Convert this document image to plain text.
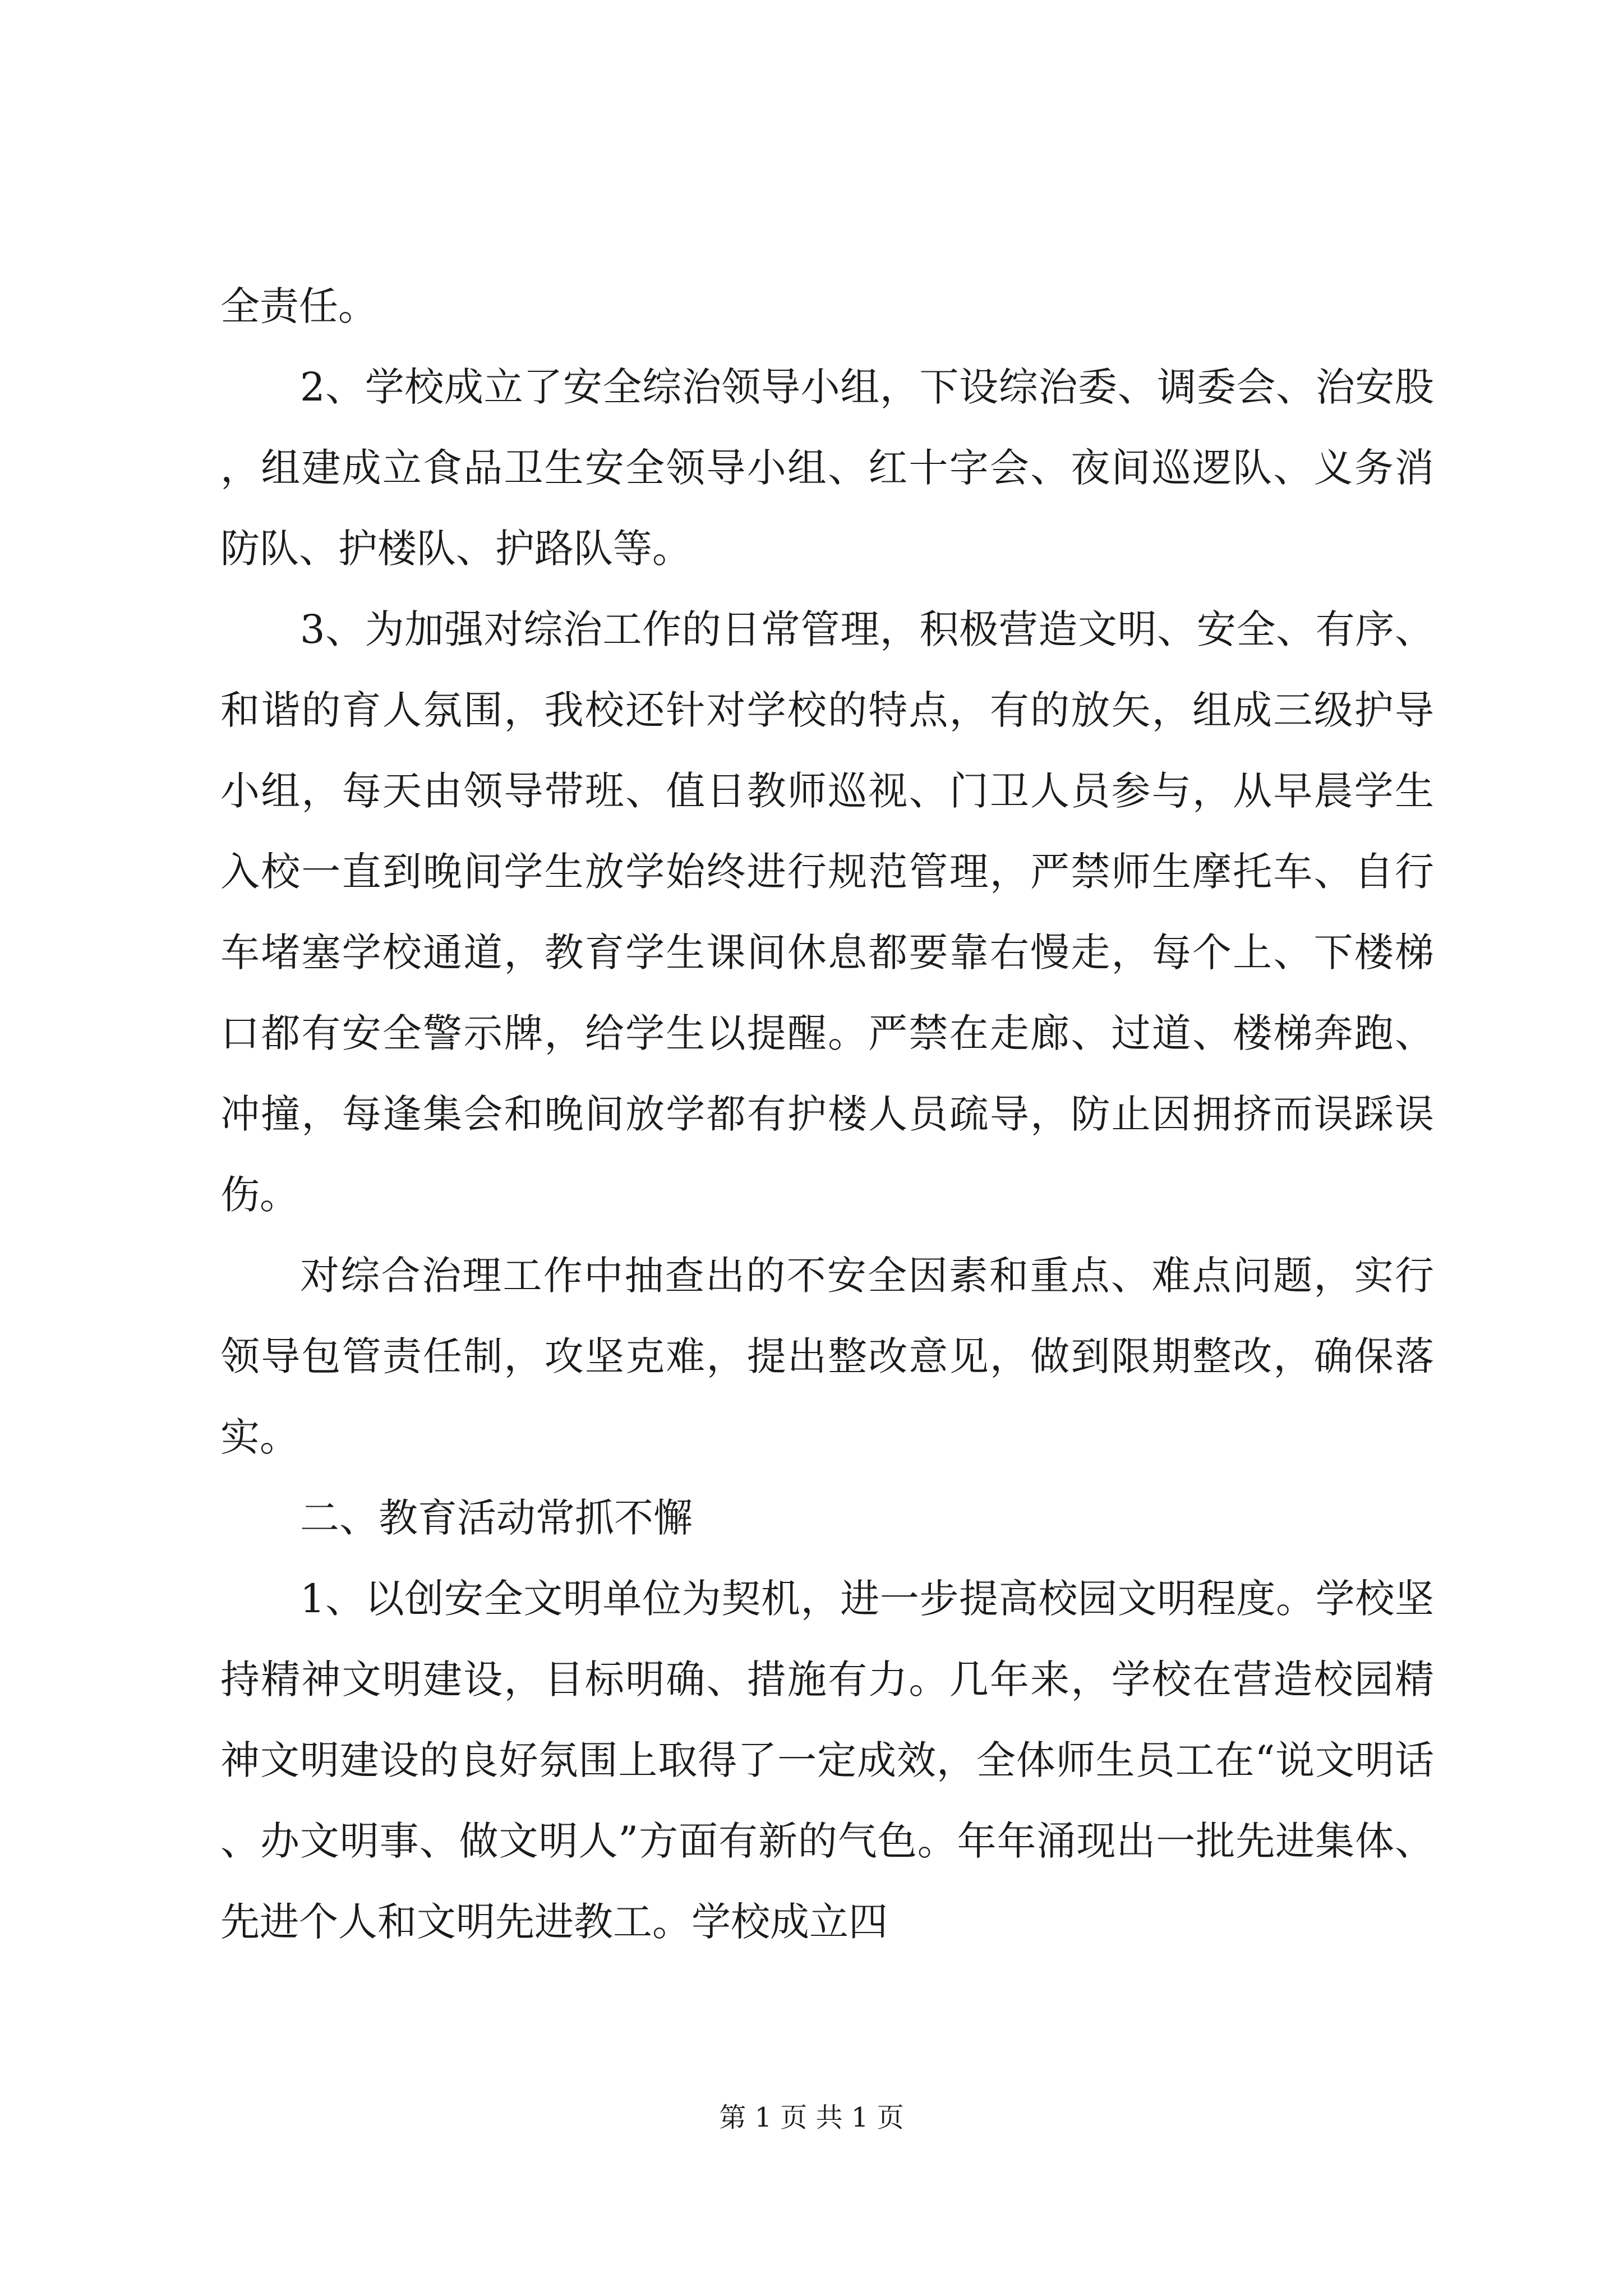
全责任。

2、学校成立了安全综治领导小组，下设综治委、调委会、治安股，组建成立食品卫生安全领导小组、红十字会、夜间巡逻队、义务消防队、护楼队、护路队等。

3、为加强对综治工作的日常管理，积极营造文明、安全、有序、和谐的育人氛围，我校还针对学校的特点，有的放矢，组成三级护导小组，每天由领导带班、值日教师巡视、门卫人员参与，从早晨学生入校一直到晚间学生放学始终进行规范管理，严禁师生摩托车、自行车堵塞学校通道，教育学生课间休息都要靠右慢走，每个上、下楼梯口都有安全警示牌，给学生以提醒。严禁在走廊、过道、楼梯奔跑、冲撞，每逢集会和晚间放学都有护楼人员疏导，防止因拥挤而误踩误伤。

对综合治理工作中抽查出的不安全因素和重点、难点问题，实行领导包管责任制，攻坚克难，提出整改意见，做到限期整改，确保落实。

二、教育活动常抓不懈

1、以创安全文明单位为契机，进一步提高校园文明程度。学校坚持精神文明建设，目标明确、措施有力。几年来，学校在营造校园精神文明建设的良好氛围上取得了一定成效，全体师生员工在“说文明话、办文明事、做文明人”方面有新的气色。年年涌现出一批先进集体、先进个人和文明先进教工。学校成立四

第 1 页 共 1 页
